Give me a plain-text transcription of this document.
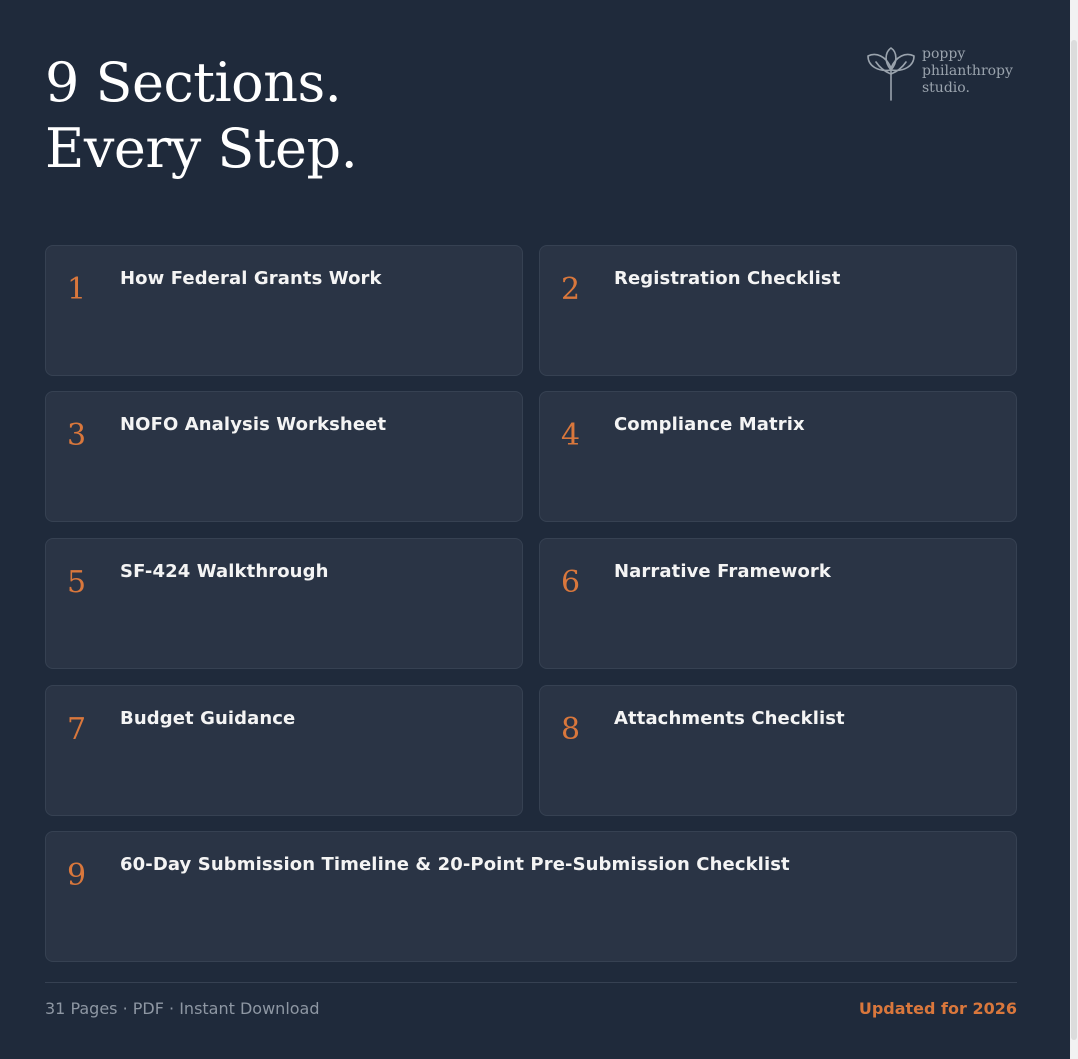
9 Sections.
Every Step.
poppy
philanthropy
studio.
1 How Federal Grants Work	2 Registration Checklist
3 NOFO Analysis Worksheet	4 Compliance Matrix
5 SF-424 Walkthrough	6 Narrative Framework
7 Budget Guidance	8 Attachments Checklist
9 60-Day Submission Timeline & 20-Point Pre-Submission Checklist
31 Pages · PDF · Instant Download	Updated for 2026
